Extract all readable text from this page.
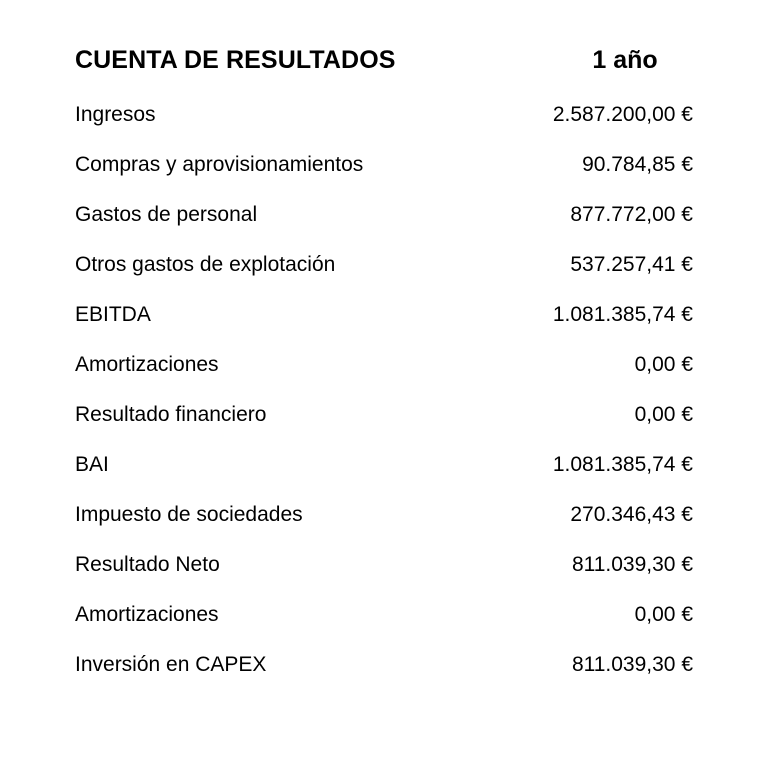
CUENTA DE RESULTADOS	1 año
Ingresos	2.587.200,00 €
Compras y aprovisionamientos	90.784,85 €
Gastos de personal	877.772,00 €
Otros gastos de explotación	537.257,41 €
EBITDA	1.081.385,74 €
Amortizaciones	0,00 €
Resultado financiero	0,00 €
BAI	1.081.385,74 €
Impuesto de sociedades	270.346,43 €
Resultado Neto	811.039,30 €
Amortizaciones	0,00 €
Inversión en CAPEX	811.039,30 €
